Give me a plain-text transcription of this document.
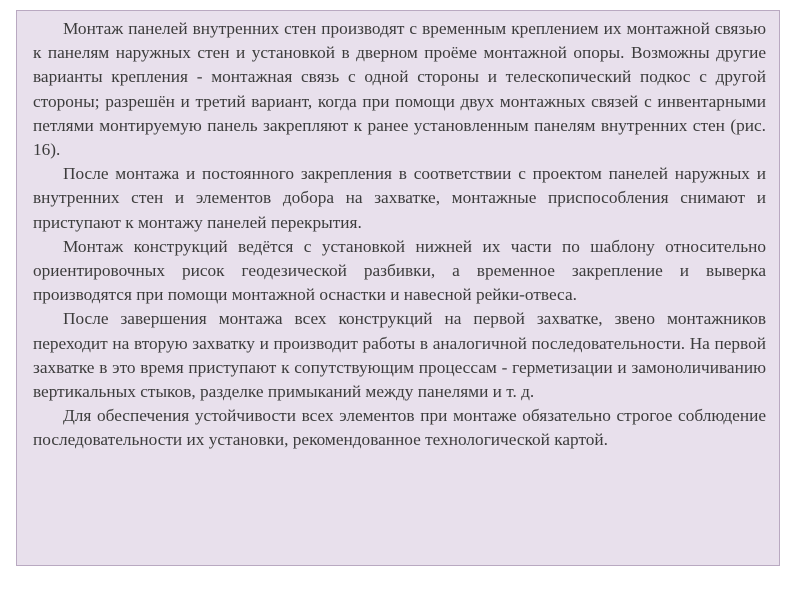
Монтаж панелей внутренних стен производят с временным креплением их монтажной связью к панелям наружных стен и установкой в дверном проёме монтажной опоры. Возможны другие варианты крепления - монтажная связь с одной стороны и телескопический подкос с другой стороны; разрешён и третий вариант, когда при помощи двух монтажных связей с инвентарными петлями монтируемую панель закрепляют к ранее установленным панелям внутренних стен (рис. 16).

После монтажа и постоянного закрепления в соответствии с проектом панелей наружных и внутренних стен и элементов добора на захватке, монтажные приспособления снимают и приступают к монтажу панелей перекрытия.

Монтаж конструкций ведётся с установкой нижней их части по шаблону относительно ориентировочных рисок геодезической разбивки, а временное закрепление и выверка производятся при помощи монтажной оснастки и навесной рейки-отвеса.

После завершения монтажа всех конструкций на первой захватке, звено монтажников переходит на вторую захватку и производит работы в аналогичной последовательности. На первой захватке в это время приступают к сопутствующим процессам - герметизации и замоноличиванию вертикальных стыков, разделке примыканий между панелями и т. д.

Для обеспечения устойчивости всех элементов при монтаже обязательно строгое соблюдение последовательности их установки, рекомендованное технологической картой.
